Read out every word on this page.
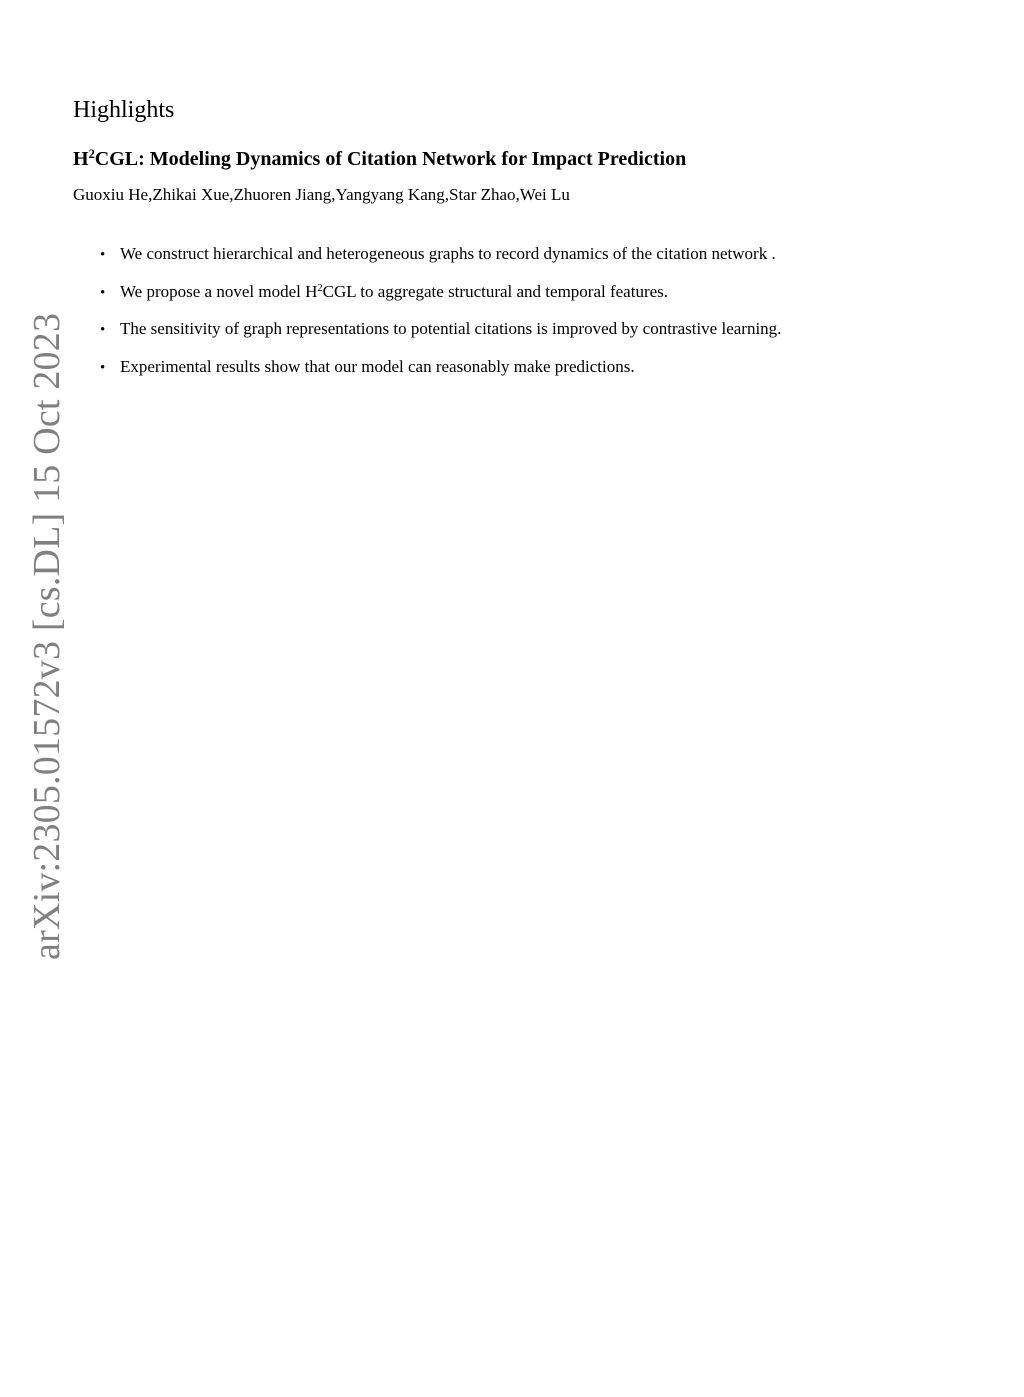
arXiv:2305.01572v3 [cs.DL] 15 Oct 2023
Highlights
$H^2CGL$: Modeling Dynamics of Citation Network for Impact Prediction
Guoxiu He,Zhikai Xue,Zhuoren Jiang,Yangyang Kang,Star Zhao,Wei Lu
• We construct hierarchical and heterogeneous graphs to record dynamics of the citation network .
• We propose a novel model $H^2CGL$ to aggregate structural and temporal features.
• The sensitivity of graph representations to potential citations is improved by contrastive learning.
• Experimental results show that our model can reasonably make predictions.
